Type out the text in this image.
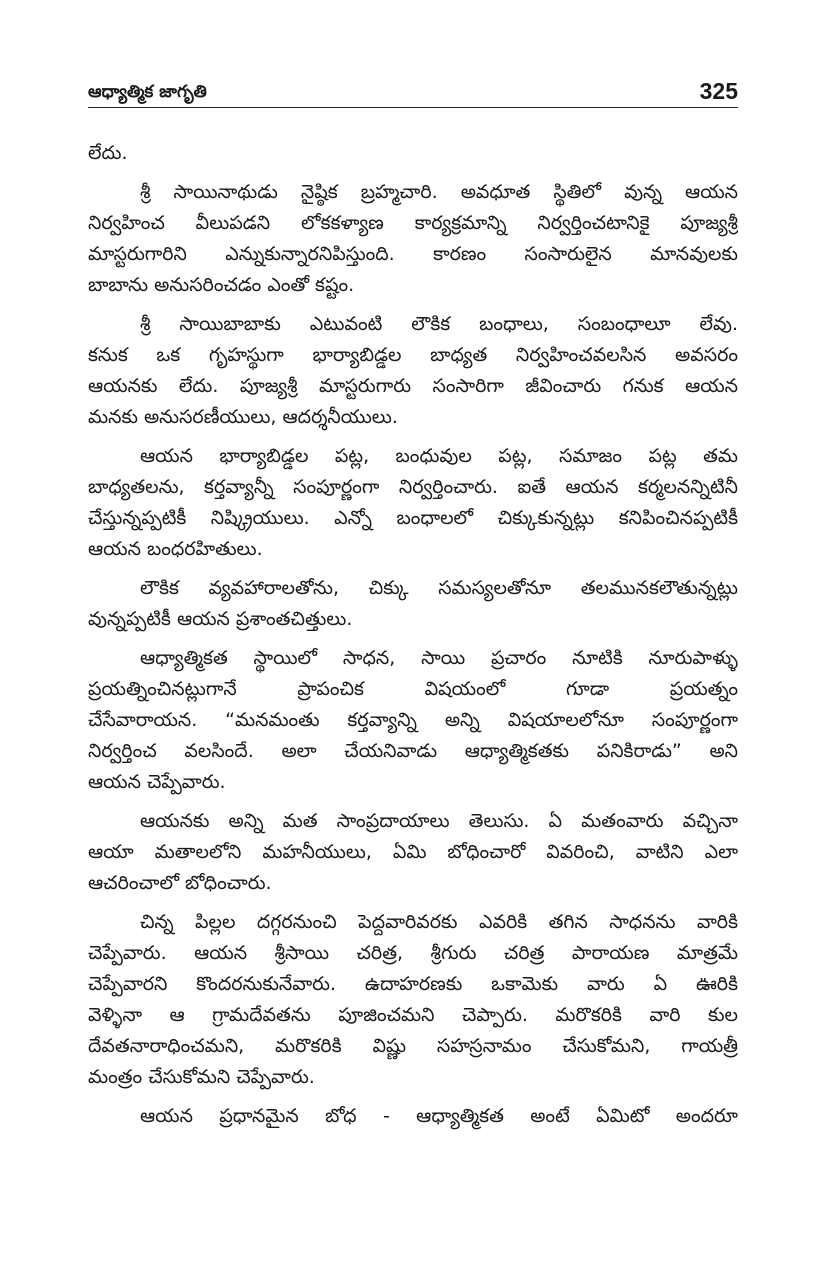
ఆధ్యాత్మిక జాగృతి	325
లేదు.
శ్రీ సాయినాథుడు నైష్ఠిక బ్రహ్మచారి. అవధూత స్థితిలో వున్న ఆయన
నిర్వహించ వీలుపడని లోకకళ్యాణ కార్యక్రమాన్ని నిర్వర్తించటానికై పూజ్యశ్రీ
మాస్టరుగారిని ఎన్నుకున్నారనిపిస్తుంది. కారణం సంసారులైన మానవులకు
బాబాను అనుసరించడం ఎంతో కష్టం.
శ్రీ సాయిబాబాకు ఎటువంటి లౌకిక బంధాలు, సంబంధాలూ లేవు.
కనుక ఒక గృహస్థుగా భార్యాబిడ్డల బాధ్యత నిర్వహించవలసిన అవసరం
ఆయనకు లేదు. పూజ్యశ్రీ మాస్టరుగారు సంసారిగా జీవించారు గనుక ఆయన
మనకు అనుసరణీయులు, ఆదర్శనీయులు.
ఆయన భార్యాబిడ్డల పట్ల, బంధువుల పట్ల, సమాజం పట్ల తమ
బాధ్యతలను, కర్తవ్యాన్నీ సంపూర్ణంగా నిర్వర్తించారు. ఐతే ఆయన కర్మలనన్నిటినీ
చేస్తున్నప్పటికీ నిష్క్రియులు. ఎన్నో బంధాలలో చిక్కుకున్నట్లు కనిపించినప్పటికీ
ఆయన బంధరహితులు.
లౌకిక వ్యవహారాలతోను, చిక్కు సమస్యలతోనూ తలమునకలౌతున్నట్లు
వున్నప్పటికీ ఆయన ప్రశాంతచిత్తులు.
ఆధ్యాత్మికత స్థాయిలో సాధన, సాయి ప్రచారం నూటికి నూరుపాళ్ళు
ప్రయత్నించినట్లుగానే ప్రాపంచిక విషయంలో గూడా ప్రయత్నం
చేసేవారాయన. “మనమంతు కర్తవ్యాన్ని అన్ని విషయాలలోనూ సంపూర్ణంగా
నిర్వర్తించ వలసిందే. అలా చేయనివాడు ఆధ్యాత్మికతకు పనికిరాడు” అని
ఆయన చెప్పేవారు.
ఆయనకు అన్ని మత సాంప్రదాయాలు తెలుసు. ఏ మతంవారు వచ్చినా
ఆయా మతాలలోని మహనీయులు, ఏమి బోధించారో వివరించి, వాటిని ఎలా
ఆచరించాలో బోధించారు.
చిన్న పిల్లల దగ్గరనుంచి పెద్దవారివరకు ఎవరికి తగిన సాధనను వారికి
చెప్పేవారు. ఆయన శ్రీసాయి చరిత్ర, శ్రీగురు చరిత్ర పారాయణ మాత్రమే
చెప్పేవారని కొందరనుకునేవారు. ఉదాహరణకు ఒకామెకు వారు ఏ ఊరికి
వెళ్ళినా ఆ గ్రామదేవతను పూజించమని చెప్పారు. మరొకరికి వారి కుల
దేవతనారాధించమని, మరొకరికి విష్ణు సహస్రనామం చేసుకోమని, గాయత్రీ
మంత్రం చేసుకోమని చెప్పేవారు.
ఆయన ప్రధానమైన బోధ - ఆధ్యాత్మికత అంటే ఏమిటో అందరూ
